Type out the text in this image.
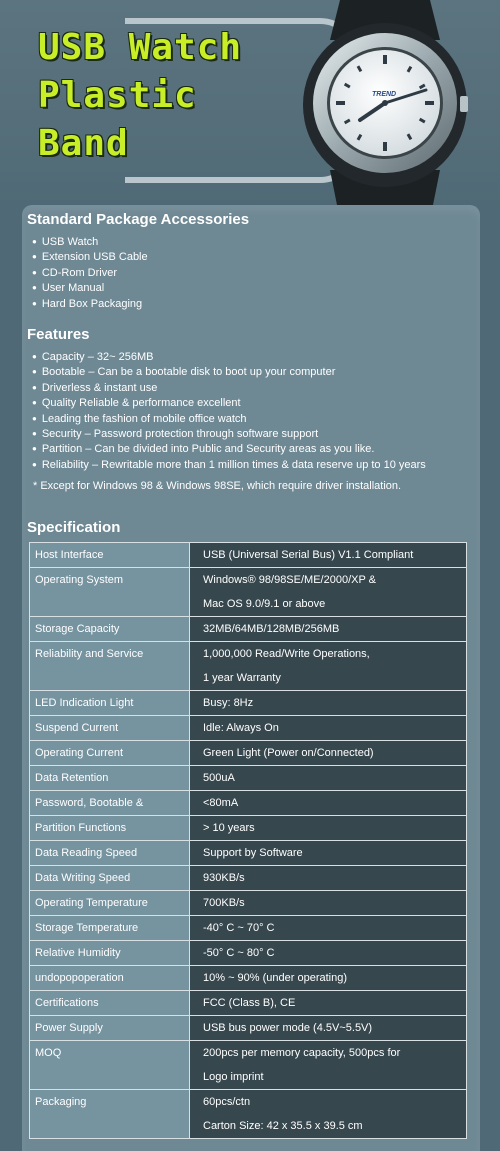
USB Watch
Plastic
Band
TREND
Standard Package Accessories
● USB Watch
● Extension USB Cable
● CD-Rom Driver
● User Manual
● Hard Box Packaging
Features
● Capacity – 32~ 256MB
● Bootable – Can be a bootable disk to boot up your computer
● Driverless & instant use
● Quality Reliable & performance excellent
● Leading the fashion of mobile office watch
● Security – Password protection through software support
● Partition – Can be divided into Public and Security areas as you like.
● Reliability – Rewritable more than 1 million times & data reserve up to 10 years
* Except for Windows 98 & Windows 98SE, which require driver installation.
Specification
Host Interface	USB (Universal Serial Bus) V1.1 Compliant
Operating System	Windows® 98/98SE/ME/2000/XP &
Mac OS 9.0/9.1 or above
Storage Capacity	32MB/64MB/128MB/256MB
Reliability and Service	1,000,000 Read/Write Operations,
1 year Warranty
LED Indication Light	Busy: 8Hz
Suspend Current	Idle: Always On
Operating Current	Green Light (Power on/Connected)
Data Retention	500uA
Password, Bootable &	<80mA
Partition Functions	> 10 years
Data Reading Speed	Support by Software
Data Writing Speed	930KB/s
Operating Temperature	700KB/s
Storage Temperature	-40° C ~ 70° C
Relative Humidity	-50° C ~ 80° C
undopopoperation	10% ~ 90% (under operating)
Certifications	FCC (Class B), CE
Power Supply	USB bus power mode (4.5V~5.5V)
MOQ	200pcs per memory capacity, 500pcs for
Logo imprint
Packaging	60pcs/ctn
Carton Size: 42 x 35.5 x 39.5 cm
